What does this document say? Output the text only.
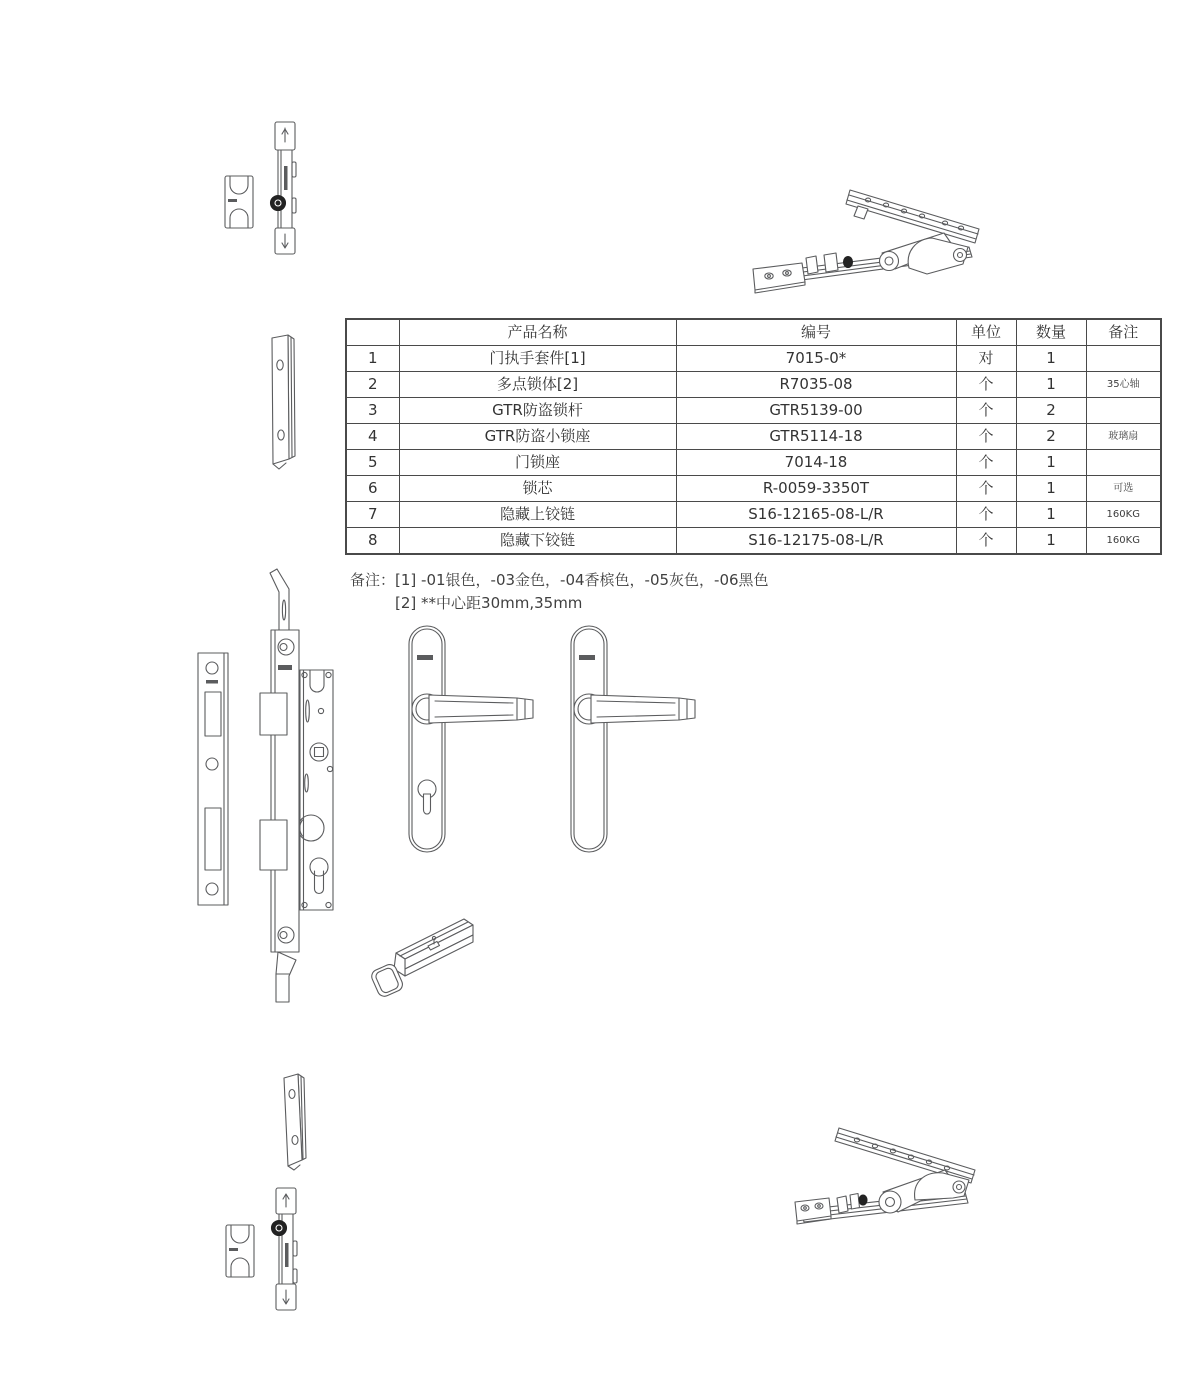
	产品名称	编号	单位	数量	备注
1	门执手套件[1]	7015-0*	对	1	
2	多点锁体[2]	R7035-08	个	1	35心轴
3	GTR防盗锁杆	GTR5139-00	个	2	
4	GTR防盗小锁座	GTR5114-18	个	2	玻璃扇
5	门锁座	7014-18	个	1	
6	锁芯	R-0059-3350T	个	1	可选
7	隐藏上铰链	S16-12165-08-L/R	个	1	160KG
8	隐藏下铰链	S16-12175-08-L/R	个	1	160KG
备注： [1] -01银色，-03金色，-04香槟色，-05灰色，-06黑色
[2] **中心距30mm,35mm
